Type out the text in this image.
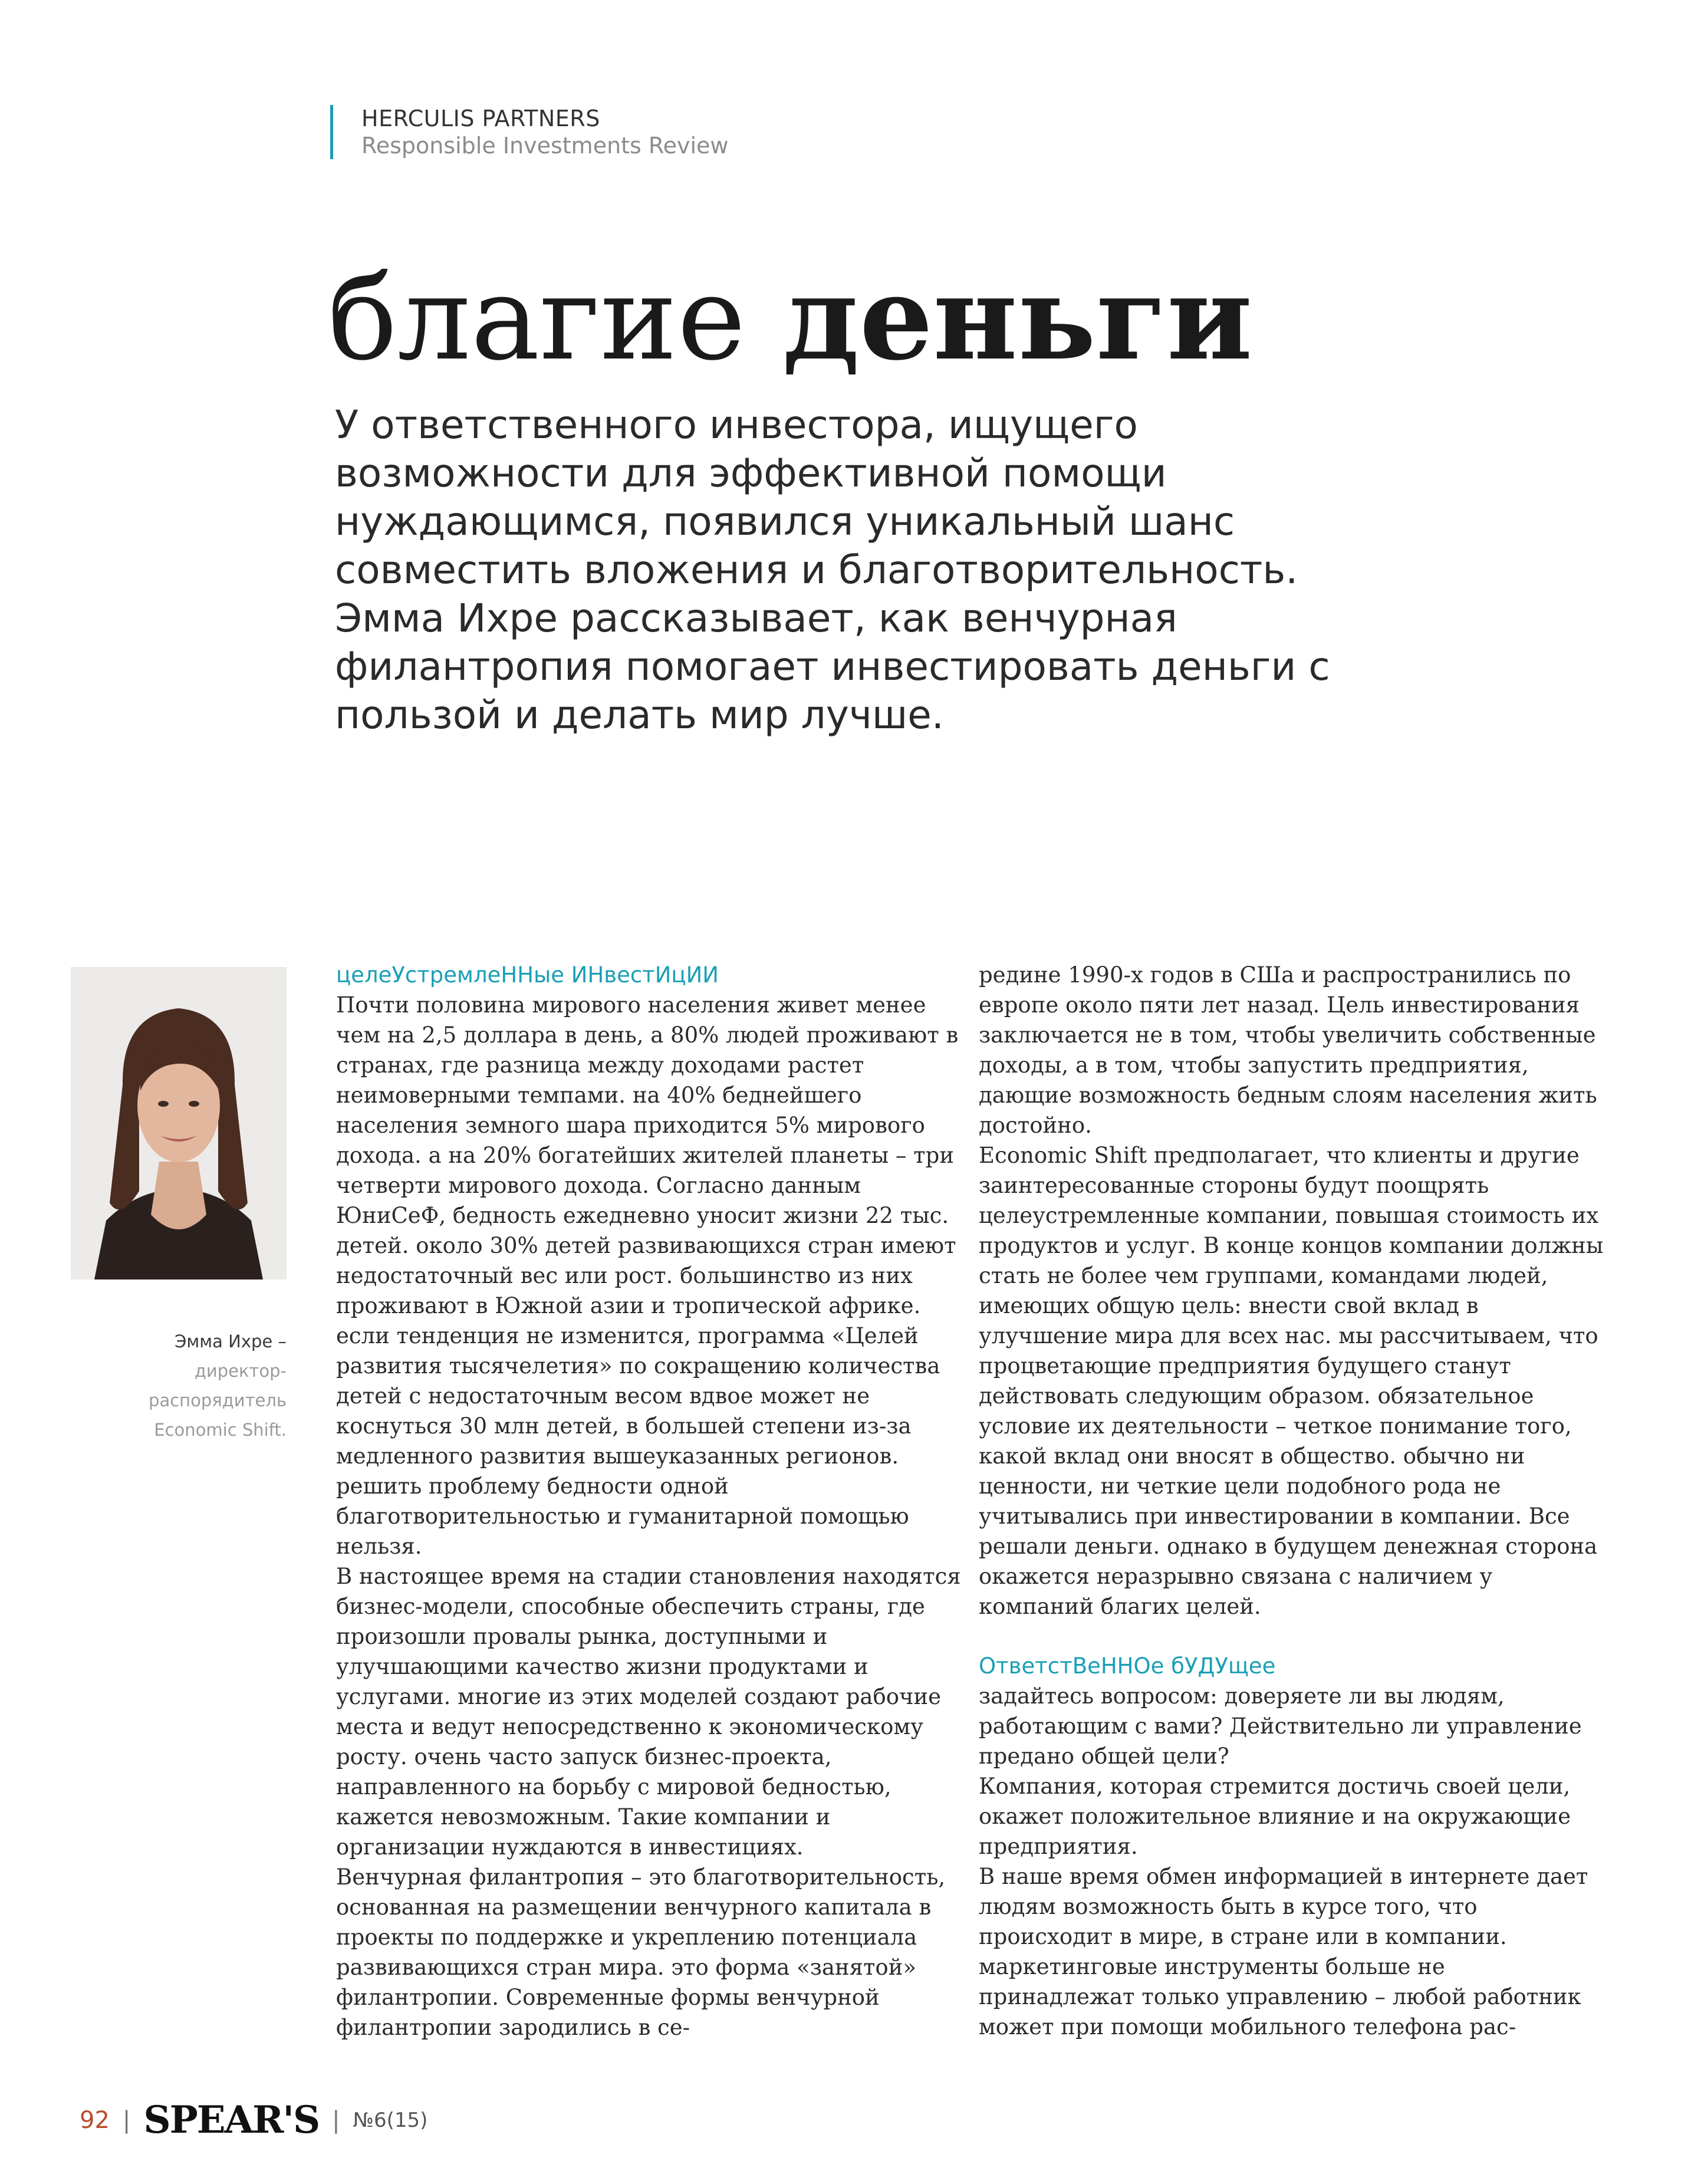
HERCULIS PARTNERS
Responsible Investments Review
благие деньги

У ответственного инвестора, ищущего возможности для эффективной помощи нуждающимся, появился уникальный шанс совместить вложения и благотворительность. Эмма Ихре рассказывает, как венчурная филантропия помогает инвестировать деньги с пользой и делать мир лучше.

Эмма Ихре –
директор-
распорядитель
Economic Shift.
целеУстремлеННые ИНвестИцИИ

Почти половина мирового населения живет менее чем на 2,5 доллара в день, а 80% людей проживают в странах, где разница между доходами растет неимоверными темпами. на 40% беднейшего населения земного шара приходится 5% мирового дохода. а на 20% богатейших жителей планеты – три четверти мирового дохода. Согласно данным ЮниСеФ, бедность ежедневно уносит жизни 22 тыс. детей. около 30% детей развивающихся стран имеют недостаточный вес или рост. большинство из них проживают в Южной азии и тропической африке. если тенденция не изменится, программа «Целей развития тысячелетия» по сокращению количества детей с недостаточным весом вдвое может не коснуться 30 млн детей, в большей степени из-за медленного развития вышеуказанных регионов.

решить проблему бедности одной благотворительностью и гуманитарной помощью нельзя.

В настоящее время на стадии становления находятся бизнес-модели, способные обеспечить страны, где произошли провалы рынка, доступными и улучшающими качество жизни продуктами и услугами. многие из этих моделей создают рабочие места и ведут непосредственно к экономическому росту. очень часто запуск бизнес-проекта, направленного на борьбу с мировой бедностью, кажется невозможным. Такие компании и организации нуждаются в инвестициях.

Венчурная филантропия – это благотворительность, основанная на размещении венчурного капитала в проекты по поддержке и укреплению потенциала развивающихся стран мира. это форма «занятой» филантропии. Современные формы венчурной филантропии зародились в се-

редине 1990-х годов в СШа и распространились по европе около пяти лет назад. Цель инвестирования заключается не в том, чтобы увеличить собственные доходы, а в том, чтобы запустить предприятия, дающие возможность бедным слоям населения жить достойно.

Economic Shift предполагает, что клиенты и другие заинтересованные стороны будут поощрять целеустремленные компании, повышая стоимость их продуктов и услуг. В конце концов компании должны стать не более чем группами, командами людей, имеющих общую цель: внести свой вклад в улучшение мира для всех нас. мы рассчитываем, что процветающие предприятия будущего станут действовать следующим образом. обязательное условие их деятельности – четкое понимание того, какой вклад они вносят в общество. обычно ни ценности, ни четкие цели подобного рода не учитывались при инвестировании в компании. Все решали деньги. однако в будущем денежная сторона окажется неразрывно связана с наличием у компаний благих целей.

ОтветстВеННОе бУДУщее

задайтесь вопросом: доверяете ли вы людям, работающим с вами? Действительно ли управление предано общей цели?

Компания, которая стремится достичь своей цели, окажет положительное влияние и на окружающие предприятия.

В наше время обмен информацией в интернете дает людям возможность быть в курсе того, что происходит в мире, в стране или в компании. маркетинговые инструменты больше не принадлежат только управлению – любой работник может при помощи мобильного телефона рас-

92 | SPEAR'S | №6(15)
